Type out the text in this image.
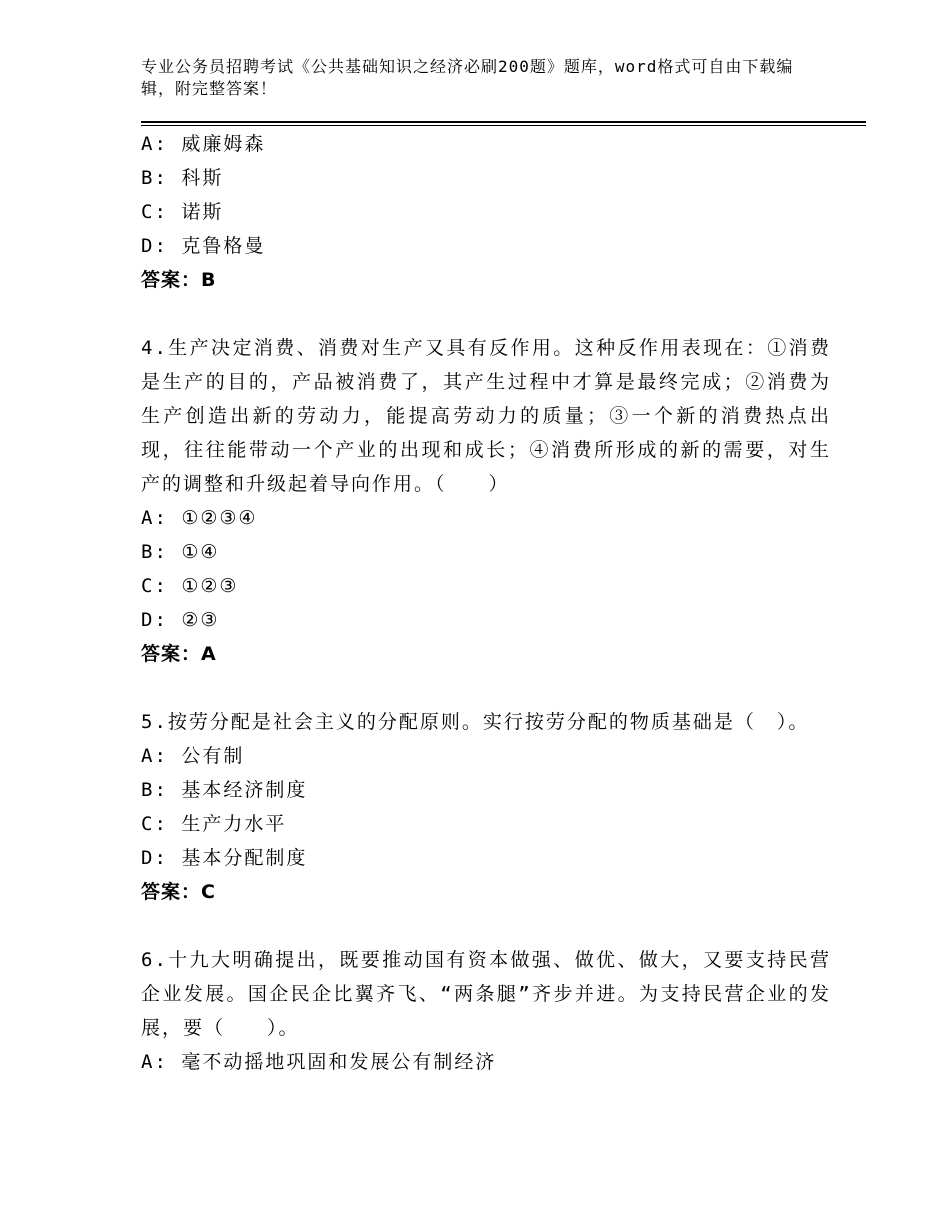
专业公务员招聘考试《公共基础知识之经济必刷200题》题库，word格式可自由下载编辑，附完整答案！
A: 威廉姆森
B: 科斯
C: 诺斯
D: 克鲁格曼
答案：B
4.生产决定消费、消费对生产又具有反作用。这种反作用表现在：①消费是生产的目的，产品被消费了，其产生过程中才算是最终完成；②消费为生产创造出新的劳动力，能提高劳动力的质量；③一个新的消费热点出现，往往能带动一个产业的出现和成长；④消费所形成的新的需要，对生产的调整和升级起着导向作用。（　　）
A: ①②③④
B: ①④
C: ①②③
D: ②③
答案：A
5.按劳分配是社会主义的分配原则。实行按劳分配的物质基础是（　）。
A: 公有制
B: 基本经济制度
C: 生产力水平
D: 基本分配制度
答案：C
6.十九大明确提出，既要推动国有资本做强、做优、做大，又要支持民营企业发展。国企民企比翼齐飞、“两条腿”齐步并进。为支持民营企业的发展，要（　　）。
A: 毫不动摇地巩固和发展公有制经济
